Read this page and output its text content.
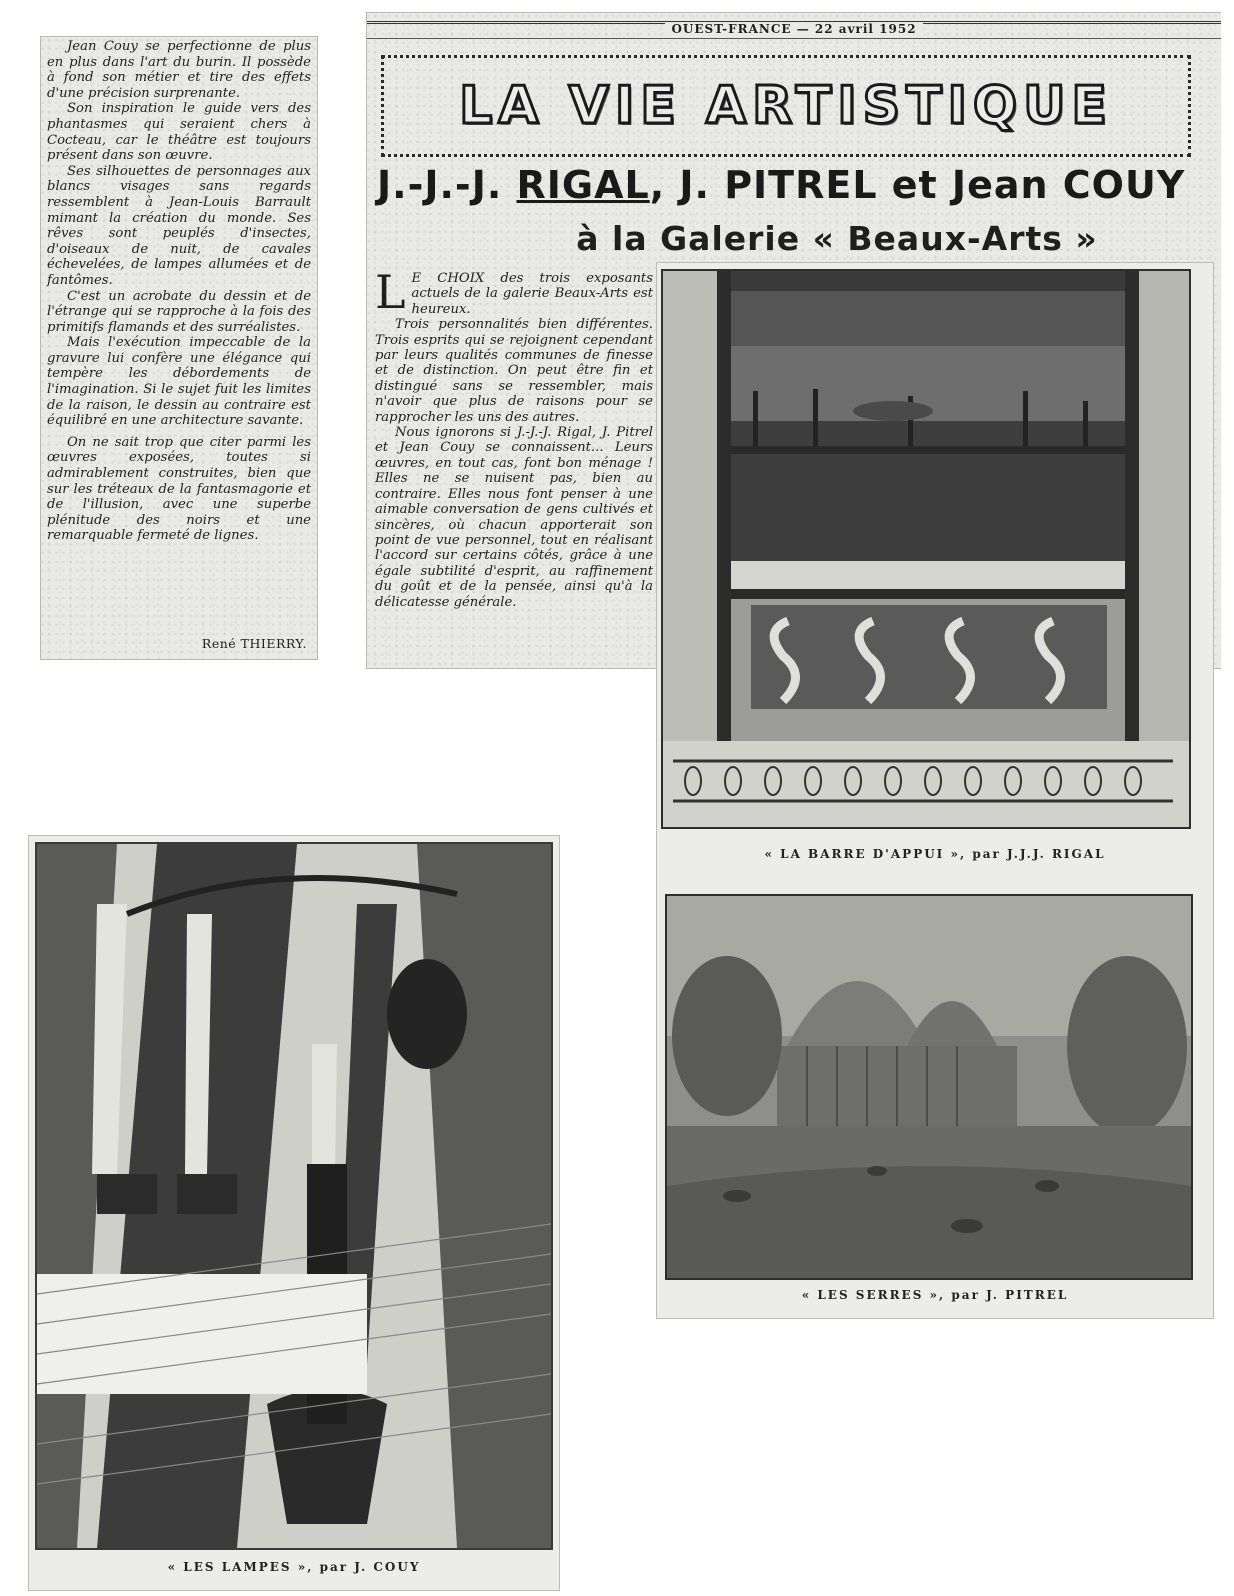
Jean Couy se perfectionne de plus en plus dans l'art du burin. Il possède à fond son métier et tire des effets d'une précision surprenante.

Son inspiration le guide vers des phantasmes qui seraient chers à Cocteau, car le théâtre est toujours présent dans son œuvre.

Ses silhouettes de personnages aux blancs visages sans regards ressemblent à Jean-Louis Barrault mimant la création du monde. Ses rêves sont peuplés d'insectes, d'oiseaux de nuit, de cavales échevelées, de lampes allumées et de fantômes.

C'est un acrobate du dessin et de l'étrange qui se rapproche à la fois des primitifs flamands et des surréalistes.

Mais l'exécution impeccable de la gravure lui confère une élégance qui tempère les débordements de l'imagination. Si le sujet fuit les limites de la raison, le dessin au contraire est équilibré en une architecture savante.

On ne sait trop que citer parmi les œuvres exposées, toutes si admirablement construites, bien que sur les tréteaux de la fantasmagorie et de l'illusion, avec une superbe plénitude des noirs et une remarquable fermeté de lignes.

René THIERRY.
OUEST-FRANCE — 22 avril 1952
LA VIE ARTISTIQUE
J.-J.-J. RIGAL, J. PITREL et Jean COUY
à la Galerie « Beaux-Arts »

L E CHOIX des trois exposants actuels de la galerie Beaux-Arts est heureux.

Trois personnalités bien différentes. Trois esprits qui se rejoignent cependant par leurs qualités communes de finesse et de distinction. On peut être fin et distingué sans se ressembler, mais n'avoir que plus de raisons pour se rapprocher les uns des autres.

Nous ignorons si J.-J.-J. Rigal, J. Pitrel et Jean Couy se connaissent... Leurs œuvres, en tout cas, font bon ménage ! Elles ne se nuisent pas, bien au contraire. Elles nous font penser à une aimable conversation de gens cultivés et sincères, où chacun apporterait son point de vue personnel, tout en réalisant l'accord sur certains côtés, grâce à une égale subtilité d'esprit, au raffinement du goût et de la pensée, ainsi qu'à la délicatesse générale.

« LA BARRE D'APPUI », par J.J.J. RIGAL
« LES SERRES », par J. PITREL
« LES LAMPES », par J. COUY
